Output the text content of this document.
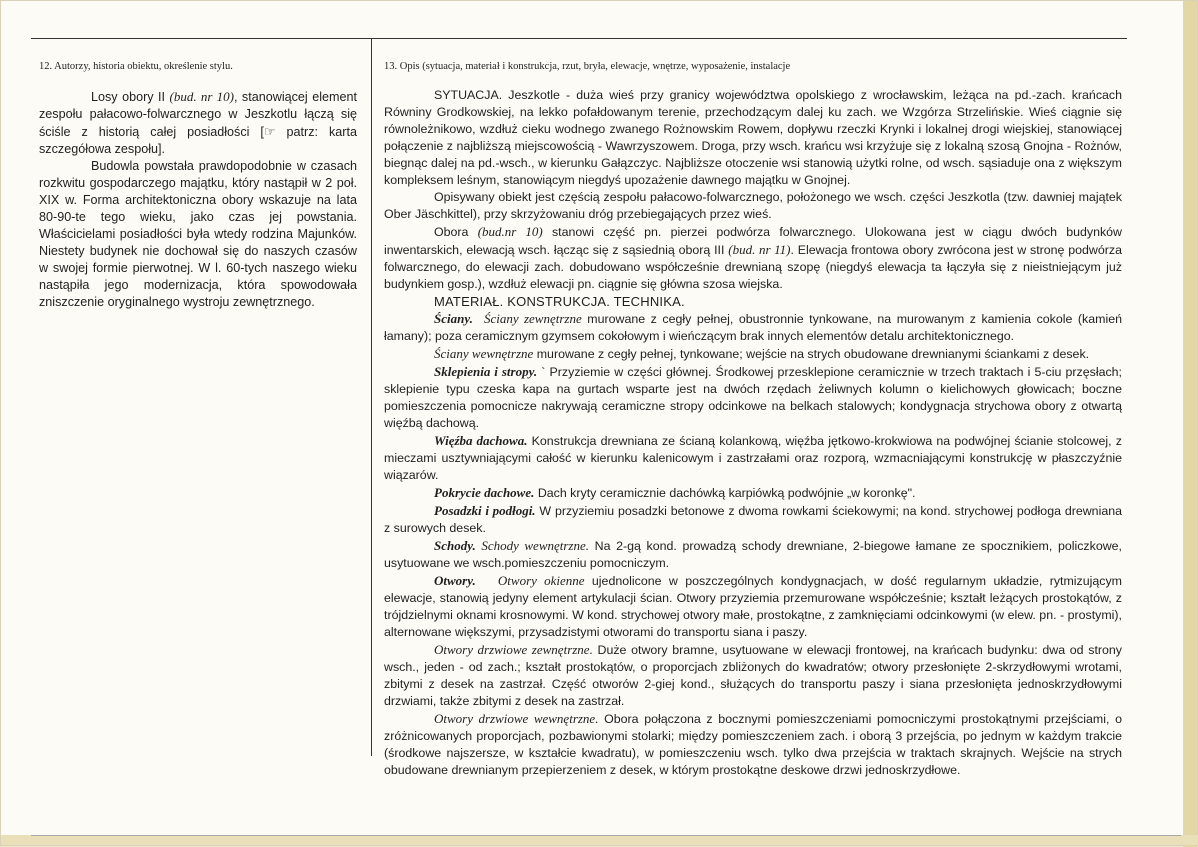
12. Autorzy, historia obiektu, określenie stylu.	13. Opis (sytuacja, materiał i konstrukcja, rzut, bryła, elewacje, wnętrze, wyposażenie, instalacje

Losy obory II (bud. nr 10), stanowiącej element zespołu pałacowo-folwarcznego w Jeszkotlu łączą się ściśle z historią całej posiadłości [☞ patrz: karta szczegółowa zespołu].

Budowla powstała prawdopodobnie w czasach rozkwitu gospodarczego majątku, który nastąpił w 2 poł. XIX w. Forma architektoniczna obory wskazuje na lata 80-90-te tego wieku, jako czas jej powstania. Właścicielami posiadłości była wtedy rodzina Majunków. Niestety budynek nie dochował się do naszych czasów w swojej formie pierwotnej. W l. 60-tych naszego wieku nastąpiła jego modernizacja, która spowodowała zniszczenie oryginalnego wystroju zewnętrznego.

SYTUACJA. Jeszkotle - duża wieś przy granicy województwa opolskiego z wrocławskim, leżąca na pd.-zach. krańcach Równiny Grodkowskiej, na lekko pofałdowanym terenie, przechodzącym dalej ku zach. we Wzgórza Strzelińskie. Wieś ciągnie się równoleżnikowo, wzdłuż cieku wodnego zwanego Rożnowskim Rowem, dopływu rzeczki Krynki i lokalnej drogi wiejskiej, stanowiącej połączenie z najbliższą miejscowością - Wawrzyszowem. Droga, przy wsch. krańcu wsi krzyżuje się z lokalną szosą Gnojna - Rożnów, biegnąc dalej na pd.-wsch., w kierunku Gałązczyc. Najbliższe otoczenie wsi stanowią użytki rolne, od wsch. sąsiaduje ona z większym kompleksem leśnym, stanowiącym niegdyś upozażenie dawnego majątku w Gnojnej.

Opisywany obiekt jest częścią zespołu pałacowo-folwarcznego, położonego we wsch. części Jeszkotla (tzw. dawniej majątek Ober Jäschkittel), przy skrzyżowaniu dróg przebiegających przez wieś.

Obora (bud.nr 10) stanowi część pn. pierzei podwórza folwarcznego. Ulokowana jest w ciągu dwóch budynków inwentarskich, elewacją wsch. łącząc się z sąsiednią oborą III (bud. nr 11). Elewacja frontowa obory zwrócona jest w stronę podwórza folwarcznego, do elewacji zach. dobudowano współcześnie drewnianą szopę (niegdyś elewacja ta łączyła się z nieistniejącym już budynkiem gosp.), wzdłuż elewacji pn. ciągnie się główna szosa wiejska.

MATERIAŁ. KONSTRUKCJA. TECHNIKA.

Ściany. Ściany zewnętrzne murowane z cegły pełnej, obustronnie tynkowane, na murowanym z kamienia cokole (kamień łamany); poza ceramicznym gzymsem cokołowym i wieńczącym brak innych elementów detalu architektonicznego.

Ściany wewnętrzne murowane z cegły pełnej, tynkowane; wejście na strych obudowane drewnianymi ściankami z desek.

Sklepienia i stropy. ` Przyziemie w części głównej. Środkowej przesklepione ceramicznie w trzech traktach i 5-ciu przęsłach; sklepienie typu czeska kapa na gurtach wsparte jest na dwóch rzędach żeliwnych kolumn o kielichowych głowicach; boczne pomieszczenia pomocnicze nakrywają ceramiczne stropy odcinkowe na belkach stalowych; kondygnacja strychowa obory z otwartą więźbą dachową.

Więźba dachowa. Konstrukcja drewniana ze ścianą kolankową, więźba jętkowo-krokwiowa na podwójnej ścianie stolcowej, z mieczami usztywniającymi całość w kierunku kalenicowym i zastrzałami oraz rozporą, wzmacniającymi konstrukcję w płaszczyźnie wiązarów.

Pokrycie dachowe. Dach kryty ceramicznie dachówką karpiówką podwójnie „w koronkę".

Posadzki i podłogi. W przyziemiu posadzki betonowe z dwoma rowkami ściekowymi; na kond. strychowej podłoga drewniana z surowych desek.

Schody. Schody wewnętrzne. Na 2-gą kond. prowadzą schody drewniane, 2-biegowe łamane ze spocznikiem, policzkowe, usytuowane we wsch.pomieszczeniu pomocniczym.

Otwory. Otwory okienne ujednolicone w poszczególnych kondygnacjach, w dość regularnym układzie, rytmizującym elewacje, stanowią jedyny element artykulacji ścian. Otwory przyziemia przemurowane współcześnie; kształt leżących prostokątów, z trójdzielnymi oknami krosnowymi. W kond. strychowej otwory małe, prostokątne, z zamknięciami odcinkowymi (w elew. pn. - prostymi), alternowane większymi, przysadzistymi otworami do transportu siana i paszy.

Otwory drzwiowe zewnętrzne. Duże otwory bramne, usytuowane w elewacji frontowej, na krańcach budynku: dwa od strony wsch., jeden - od zach.; kształt prostokątów, o proporcjach zbliżonych do kwadratów; otwory przesłonięte 2-skrzydłowymi wrotami, zbitymi z desek na zastrzał. Część otworów 2-giej kond., służących do transportu paszy i siana przesłonięta jednoskrzydłowymi drzwiami, także zbitymi z desek na zastrzał.

Otwory drzwiowe wewnętrzne. Obora połączona z bocznymi pomieszczeniami pomocniczymi prostokątnymi przejściami, o zróżnicowanych proporcjach, pozbawionymi stolarki; między pomieszczeniem zach. i oborą 3 przejścia, po jednym w każdym trakcie (środkowe najszersze, w kształcie kwadratu), w pomieszczeniu wsch. tylko dwa przejścia w traktach skrajnych. Wejście na strych obudowane drewnianym przepierzeniem z desek, w którym prostokątne deskowe drzwi jednoskrzydłowe.
